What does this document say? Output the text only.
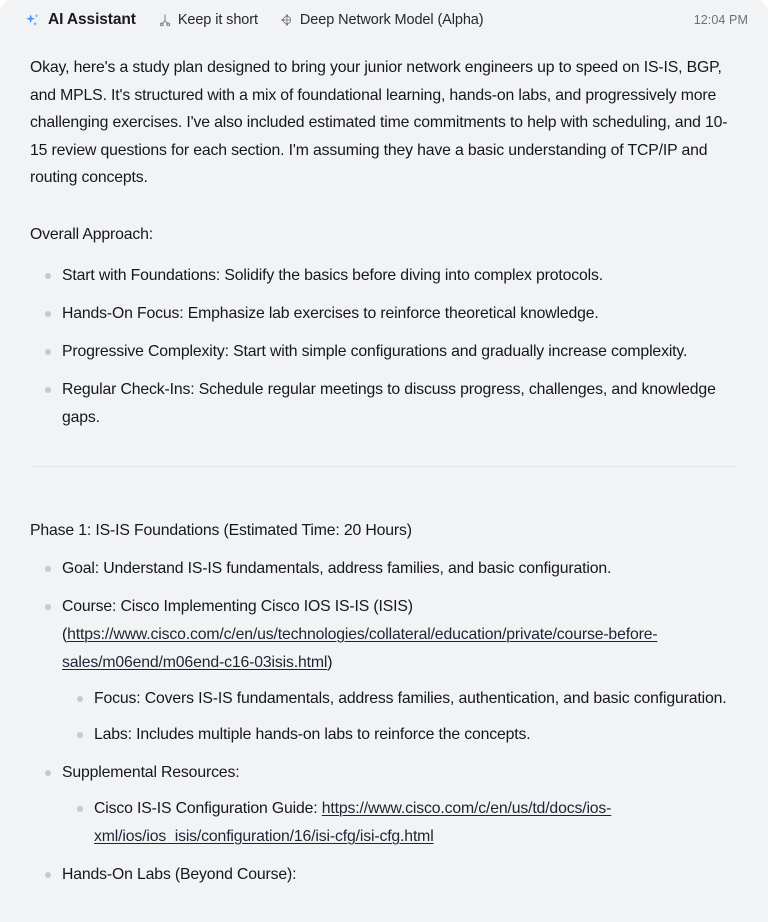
AI Assistant	Keep it short	Deep Network Model (Alpha)	12:04 PM

Okay, here's a study plan designed to bring your junior network engineers up to speed on IS-IS, BGP, and MPLS. It's structured with a mix of foundational learning, hands-on labs, and progressively more challenging exercises. I've also included estimated time commitments to help with scheduling, and 10-15 review questions for each section. I'm assuming they have a basic understanding of TCP/IP and routing concepts.

Overall Approach:

Start with Foundations: Solidify the basics before diving into complex protocols.
Hands-On Focus: Emphasize lab exercises to reinforce theoretical knowledge.
Progressive Complexity: Start with simple configurations and gradually increase complexity.
Regular Check-Ins: Schedule regular meetings to discuss progress, challenges, and knowledge gaps.

Phase 1: IS-IS Foundations (Estimated Time: 20 Hours)

Goal: Understand IS-IS fundamentals, address families, and basic configuration.
Course: Cisco Implementing Cisco IOS IS-IS (ISIS) (https://www.cisco.com/c/en/us/technologies/collateral/education/private/course-before-sales/m06end/m06end-c16-03isis.html)
Focus: Covers IS-IS fundamentals, address families, authentication, and basic configuration.
Labs: Includes multiple hands-on labs to reinforce the concepts.
Supplemental Resources:
Cisco IS-IS Configuration Guide: https://www.cisco.com/c/en/us/td/docs/ios-xml/ios/ios_isis/configuration/16/isi-cfg/isi-cfg.html
Hands-On Labs (Beyond Course):
